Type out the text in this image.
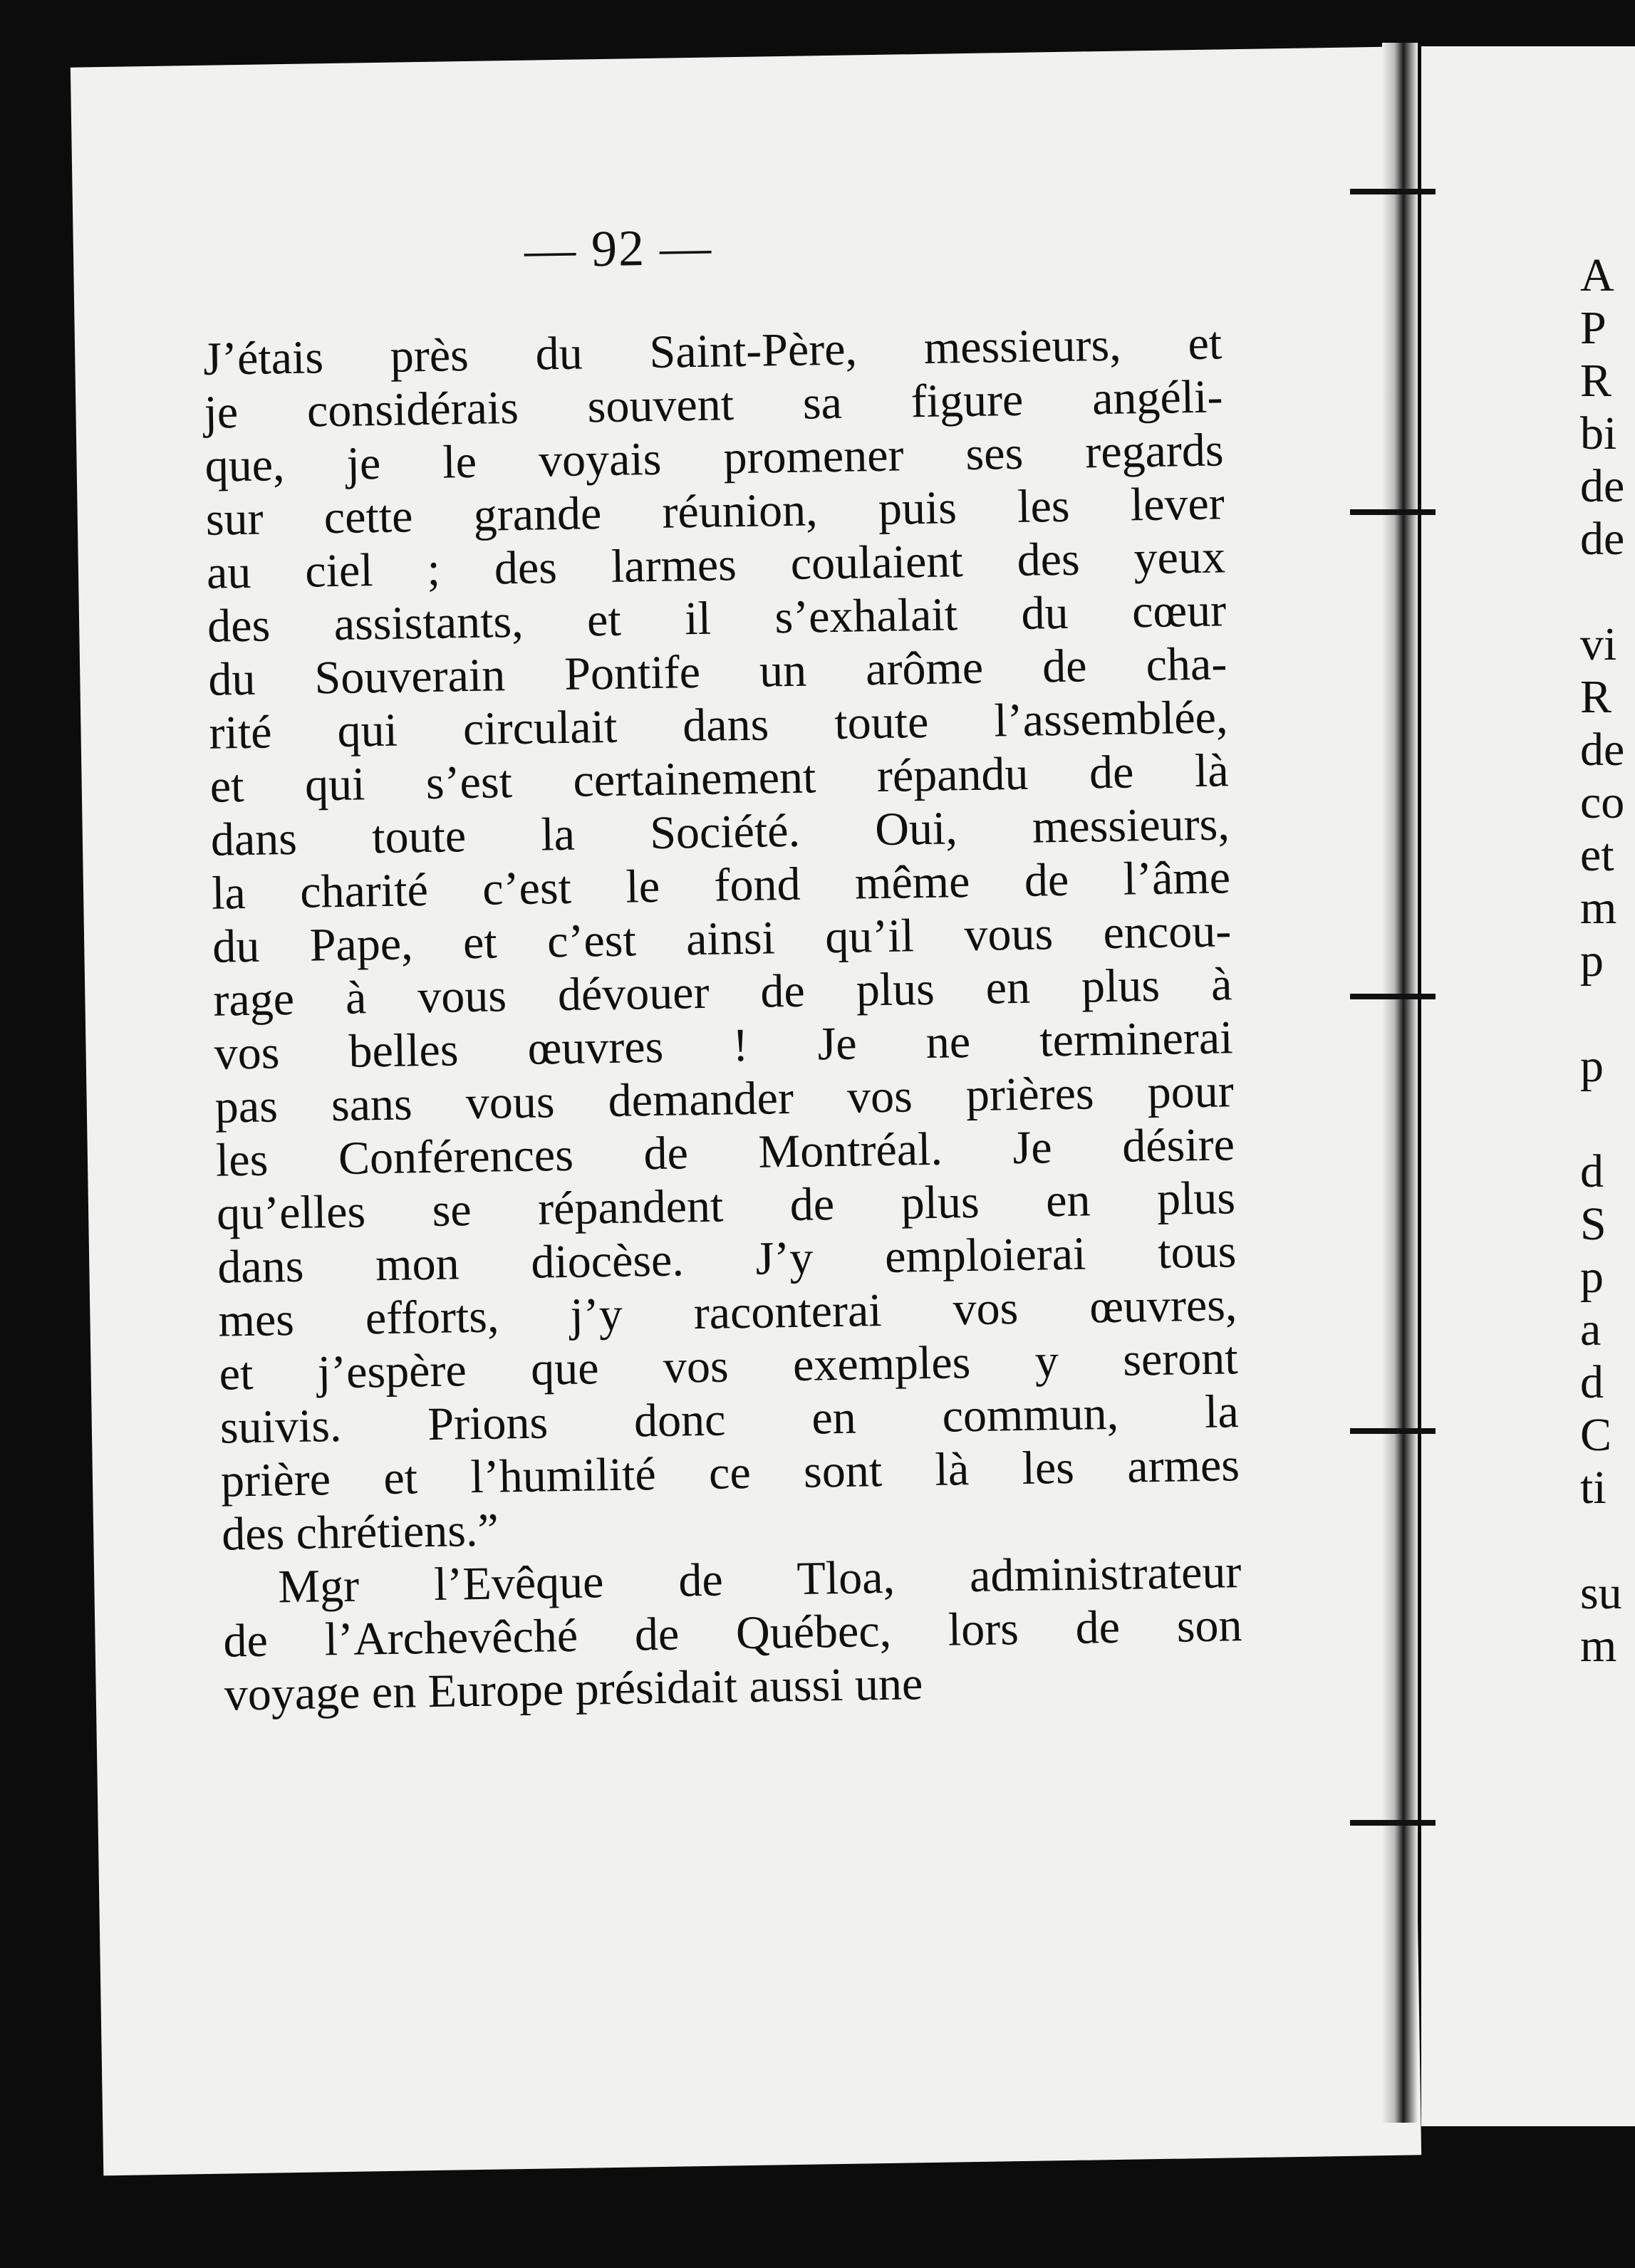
A
P
R
bi
de
de
vi
R
de
co
et
m
p
p
d
S
p
a
d
C
ti
su
m
— 92 —
J’étais près du Saint-Père, messieurs, et
je considérais souvent sa figure angéli-
que, je le voyais promener ses regards
sur cette grande réunion, puis les lever
au ciel ; des larmes coulaient des yeux
des assistants, et il s’exhalait du cœur
du Souverain Pontife un arôme de cha-
rité qui circulait dans toute l’assemblée,
et qui s’est certainement répandu de là
dans toute la Société. Oui, messieurs,
la charité c’est le fond même de l’âme
du Pape, et c’est ainsi qu’il vous encou-
rage à vous dévouer de plus en plus à
vos belles œuvres ! Je ne terminerai
pas sans vous demander vos prières pour
les Conférences de Montréal. Je désire
qu’elles se répandent de plus en plus
dans mon diocèse. J’y emploierai tous
mes efforts, j’y raconterai vos œuvres,
et j’espère que vos exemples y seront
suivis. Prions donc en commun, la
prière et l’humilité ce sont là les armes
des chrétiens.”
Mgr l’Evêque de Tloa, administrateur
de l’Archevêché de Québec, lors de son
voyage en Europe présidait aussi une
